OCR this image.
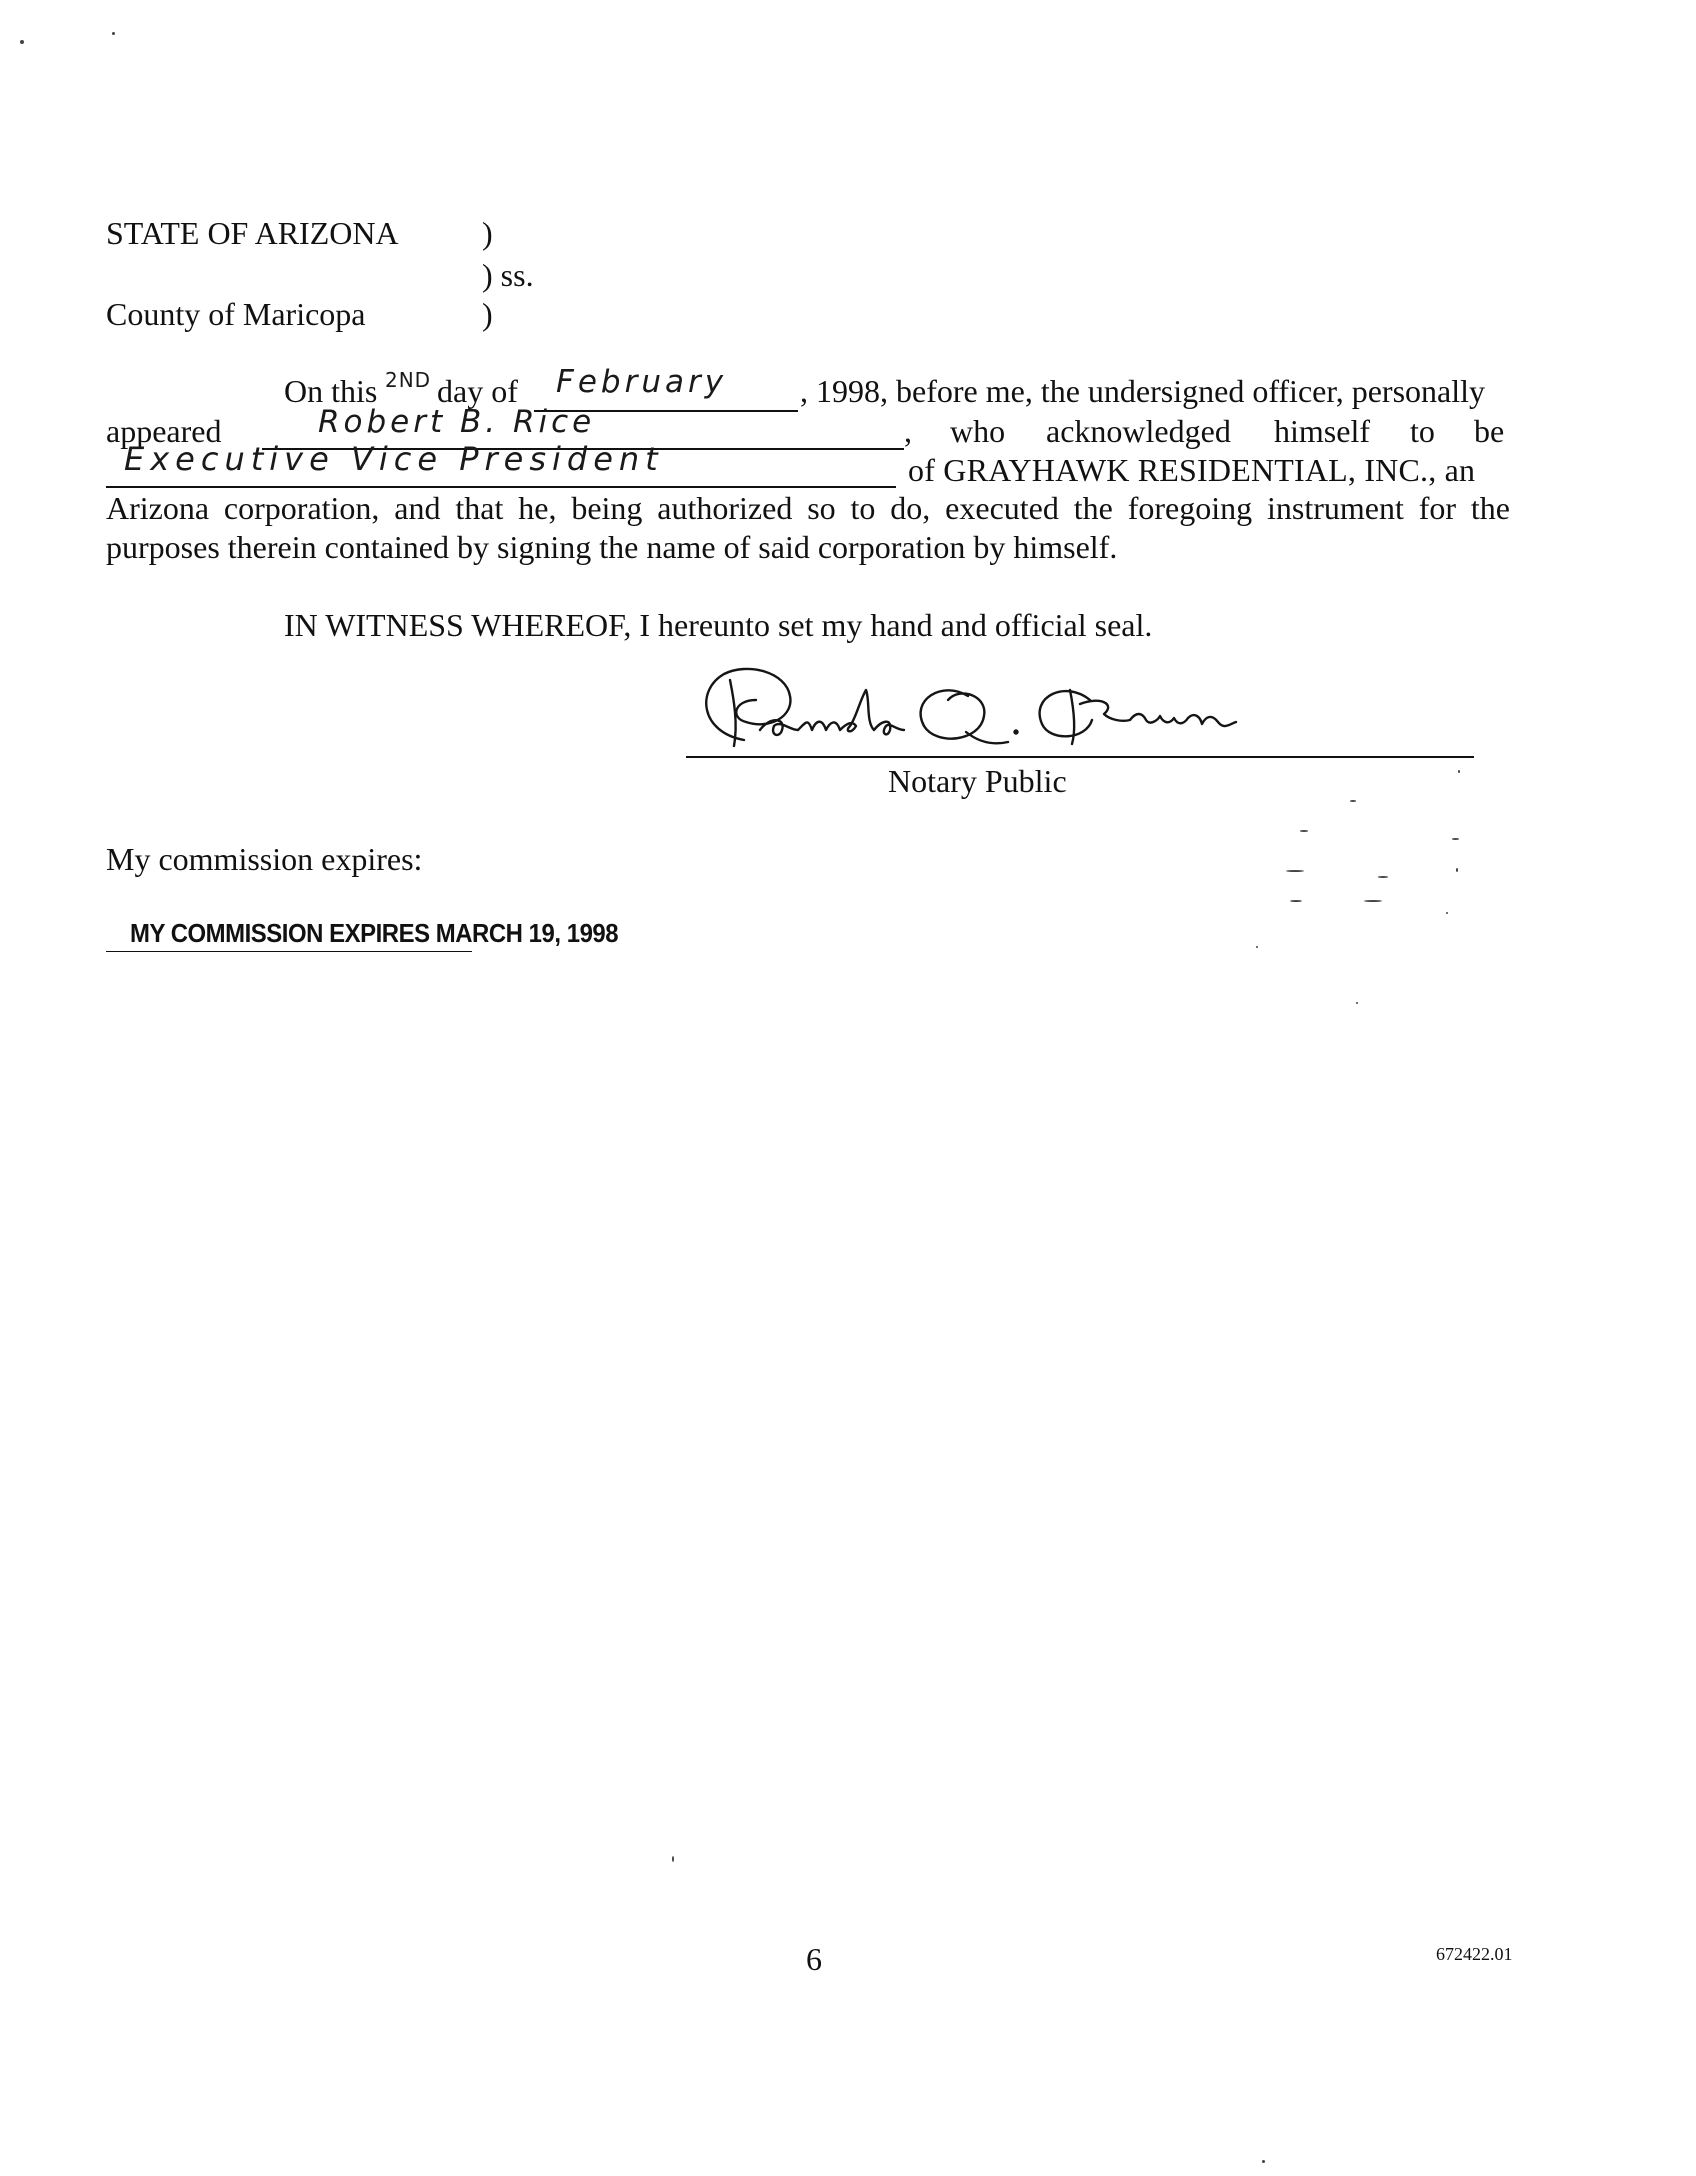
STATE OF ARIZONA	)
) ss.
County of Maricopa	)
On this 2ND day of February , 1998, before me, the undersigned officer, personally
appeared	Robert B. Rice	, who acknowledged himself to be
Executive Vice President	of GRAYHAWK RESIDENTIAL, INC., an
Arizona corporation, and that he, being authorized so to do, executed the foregoing instrument for the
purposes therein contained by signing the name of said corporation by himself.
IN WITNESS WHEREOF, I hereunto set my hand and official seal.
Notary Public
My commission expires:
MY COMMISSION EXPIRES MARCH 19, 1998
6	672422.01
